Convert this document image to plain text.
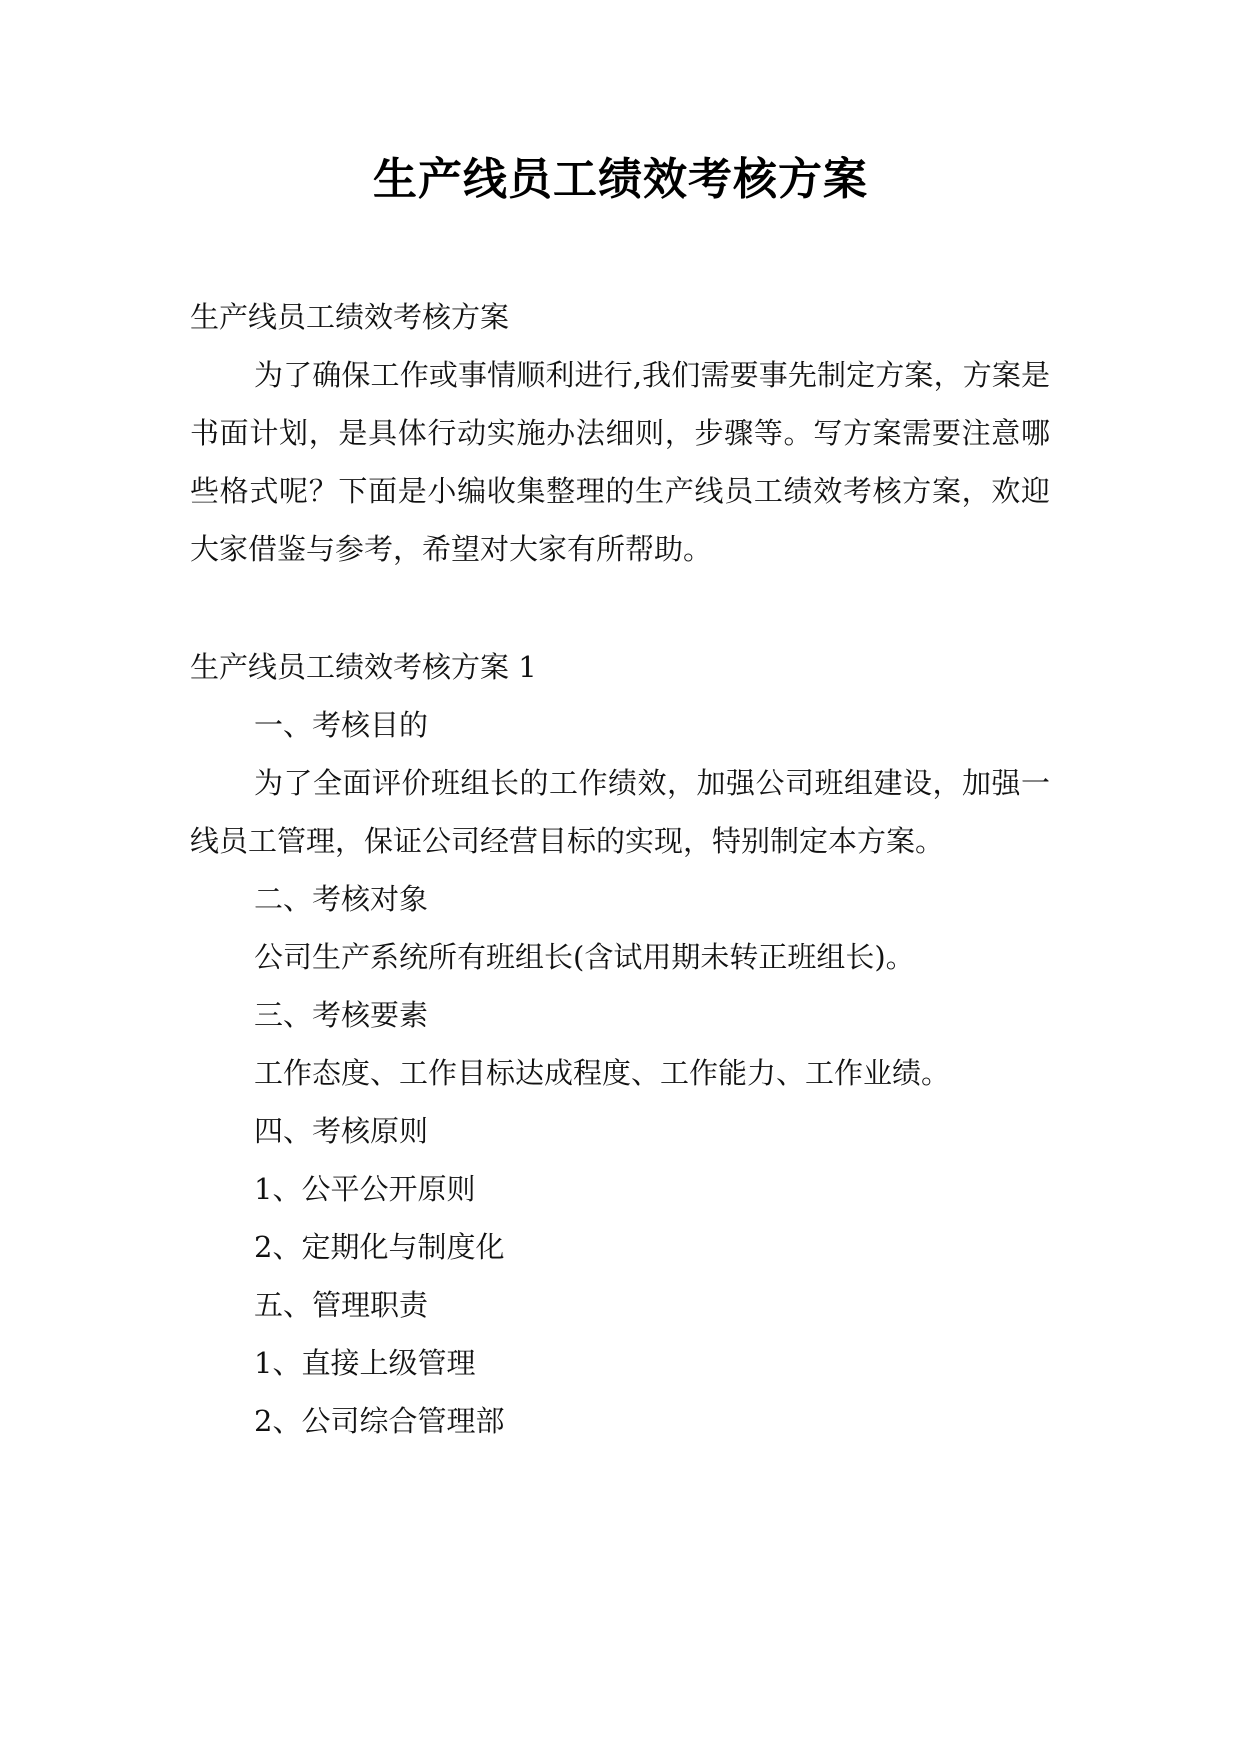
生产线员工绩效考核方案

生产线员工绩效考核方案

为了确保工作或事情顺利进行,我们需要事先制定方案，方案是书面计划，是具体行动实施办法细则，步骤等。写方案需要注意哪些格式呢？下面是小编收集整理的生产线员工绩效考核方案，欢迎大家借鉴与参考，希望对大家有所帮助。

生产线员工绩效考核方案 1

一、考核目的

为了全面评价班组长的工作绩效，加强公司班组建设，加强一线员工管理，保证公司经营目标的实现，特别制定本方案。

二、考核对象

公司生产系统所有班组长(含试用期未转正班组长)。

三、考核要素

工作态度、工作目标达成程度、工作能力、工作业绩。

四、考核原则

1、公平公开原则

2、定期化与制度化

五、管理职责

1、直接上级管理

2、公司综合管理部
